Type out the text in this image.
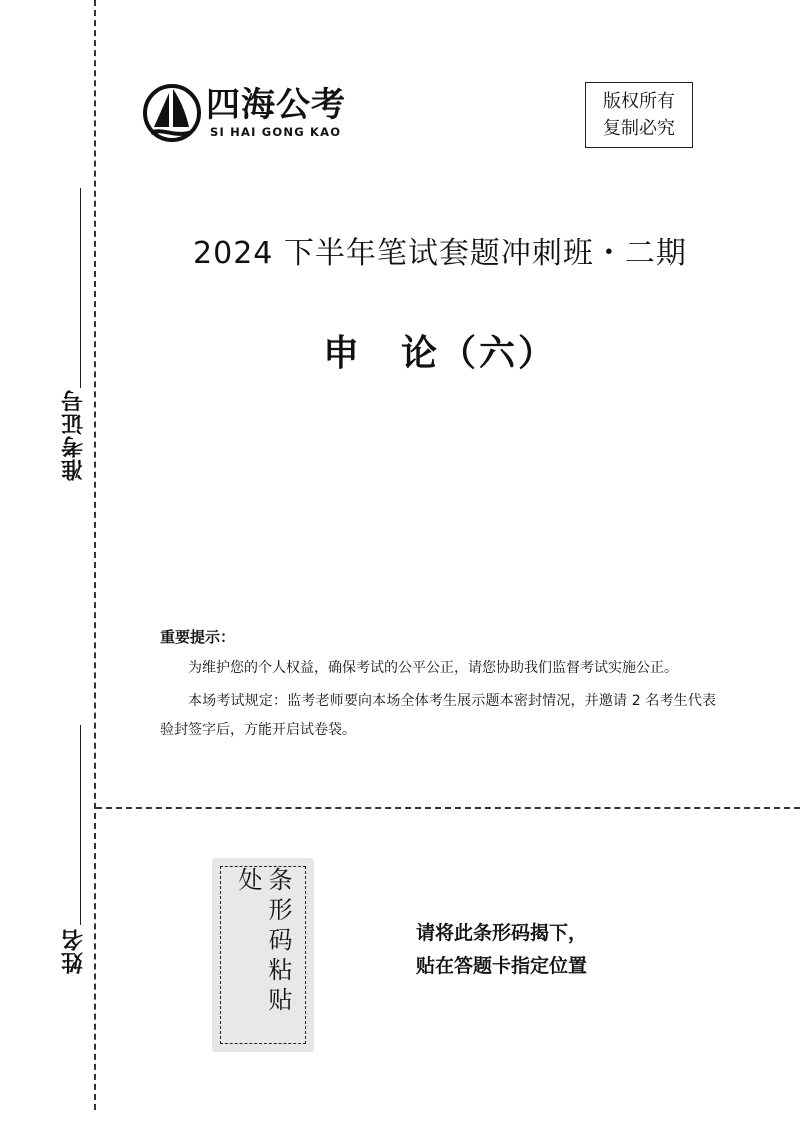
准考证号
姓名
四海公考
SI HAI GONG KAO
版权所有
复制必究
2024 下半年笔试套题冲刺班・二期
申　论（六）
重要提示：

为维护您的个人权益，确保考试的公平公正，请您协助我们监督考试实施公正。

本场考试规定：监考老师要向本场全体考生展示题本密封情况，并邀请 2 名考生代表验封签字后，方能开启试卷袋。

条形码粘贴处
请将此条形码揭下，
贴在答题卡指定位置
